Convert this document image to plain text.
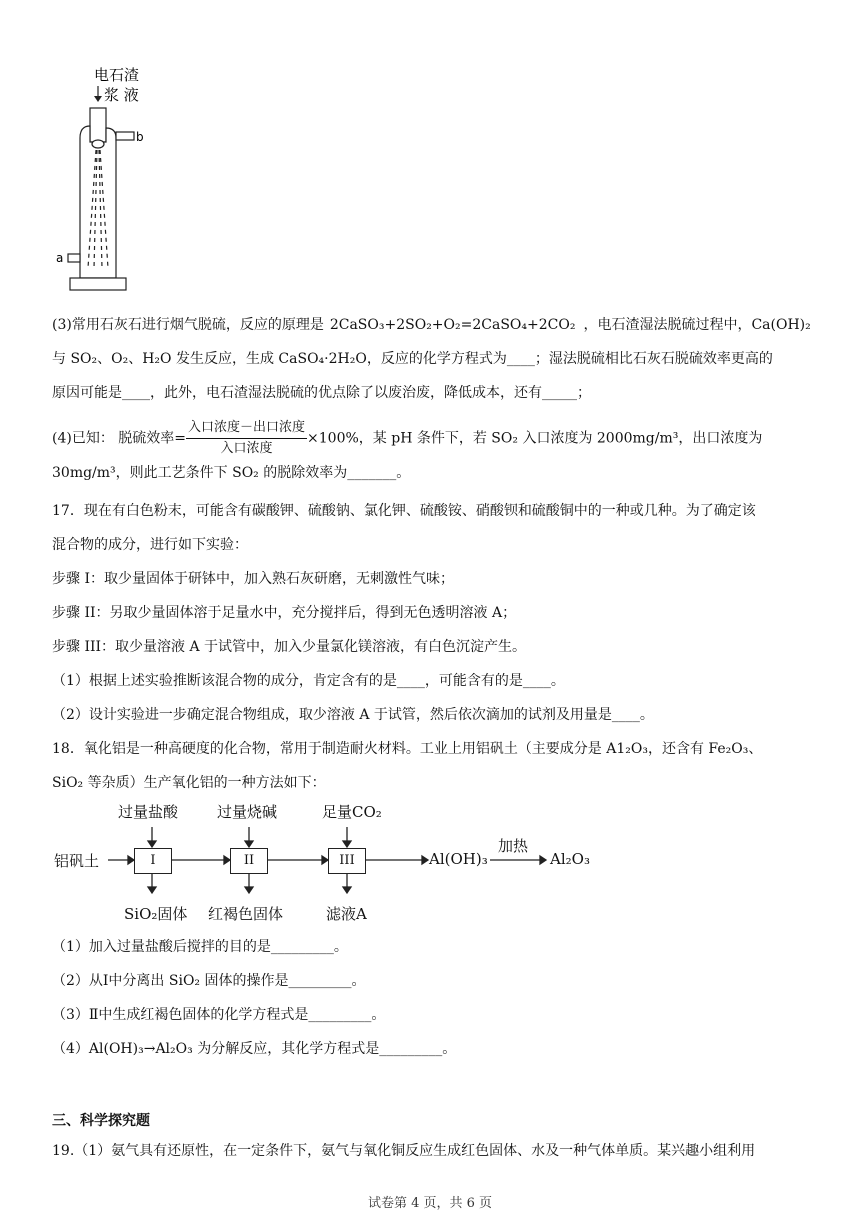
电石渣
浆 液
b
a
(3)常用石灰石进行烟气脱硫，反应的原理是 2CaSO₃+2SO₂+O₂=2CaSO₄+2CO₂ ，电石渣湿法脱硫过程中，Ca(OH)₂
与 SO₂、O₂、H₂O 发生反应，生成 CaSO₄·2H₂O，反应的化学方程式为____；湿法脱硫相比石灰石脱硫效率更高的
原因可能是____，此外，电石渣湿法脱硫的优点除了以废治废，降低成本，还有_____；
(4)已知： 脱硫效率= $\frac{\text{入口浓度－出口浓度}}{\text{入口浓度}} \times 100\%$，某 pH 条件下，若 SO₂ 入口浓度为 2000mg/m³，出口浓度为
30mg/m³，则此工艺条件下 SO₂ 的脱除效率为_______。
17．现在有白色粉末，可能含有碳酸钾、硫酸钠、氯化钾、硫酸铵、硝酸钡和硫酸铜中的一种或几种。为了确定该
混合物的成分，进行如下实验：
步骤 I：取少量固体于研钵中，加入熟石灰研磨，无刺激性气味；
步骤 II：另取少量固体溶于足量水中，充分搅拌后，得到无色透明溶液 A；
步骤 III：取少量溶液 A 于试管中，加入少量氯化镁溶液，有白色沉淀产生。
（1）根据上述实验推断该混合物的成分，肯定含有的是____，可能含有的是____。
（2）设计实验进一步确定混合物组成，取少溶液 A 于试管，然后依次滴加的试剂及用量是____。
18．氧化铝是一种高硬度的化合物，常用于制造耐火材料。工业上用铝矾土（主要成分是 A1₂O₃，还含有 Fe₂O₃、
SiO₂ 等杂质）生产氧化铝的一种方法如下：
铝矾土	I	II	III
过量盐酸	过量烧碱	足量CO₂
SiO₂固体 红褐色固体	滤液A
Al(OH)₃
加热
Al₂O₃
（1）加入过量盐酸后搅拌的目的是_________。
（2）从Ⅰ中分离出 SiO₂ 固体的操作是_________。
（3）Ⅱ中生成红褐色固体的化学方程式是_________。
（4）Al(OH)₃→Al₂O₃ 为分解反应，其化学方程式是_________。
三、科学探究题
19.（1）氨气具有还原性，在一定条件下，氨气与氧化铜反应生成红色固体、水及一种气体单质。某兴趣小组利用
试卷第 4 页，共 6 页
